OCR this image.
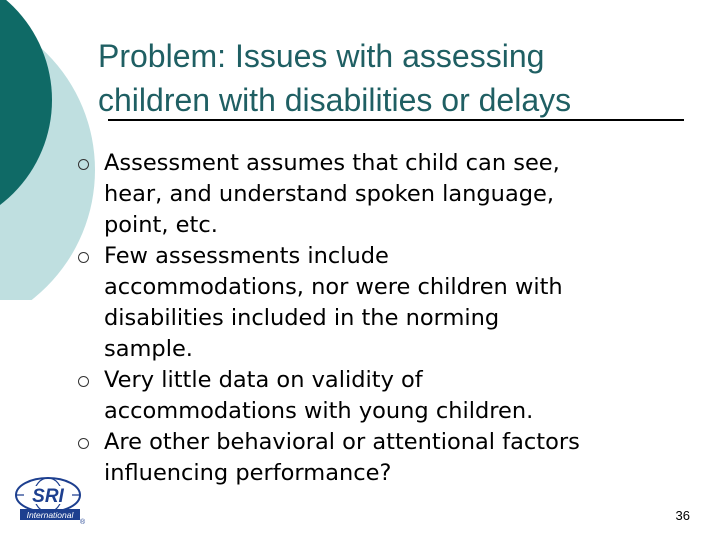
Problem: Issues with assessing
children with disabilities or delays
Assessment assumes that child can see,
hear, and understand spoken language,
point, etc.
Few assessments include
accommodations, nor were children with
disabilities included in the norming
sample.
Very little data on validity of
accommodations with young children.
Are other behavioral or attentional factors
influencing performance?
SRI
International
®	36
